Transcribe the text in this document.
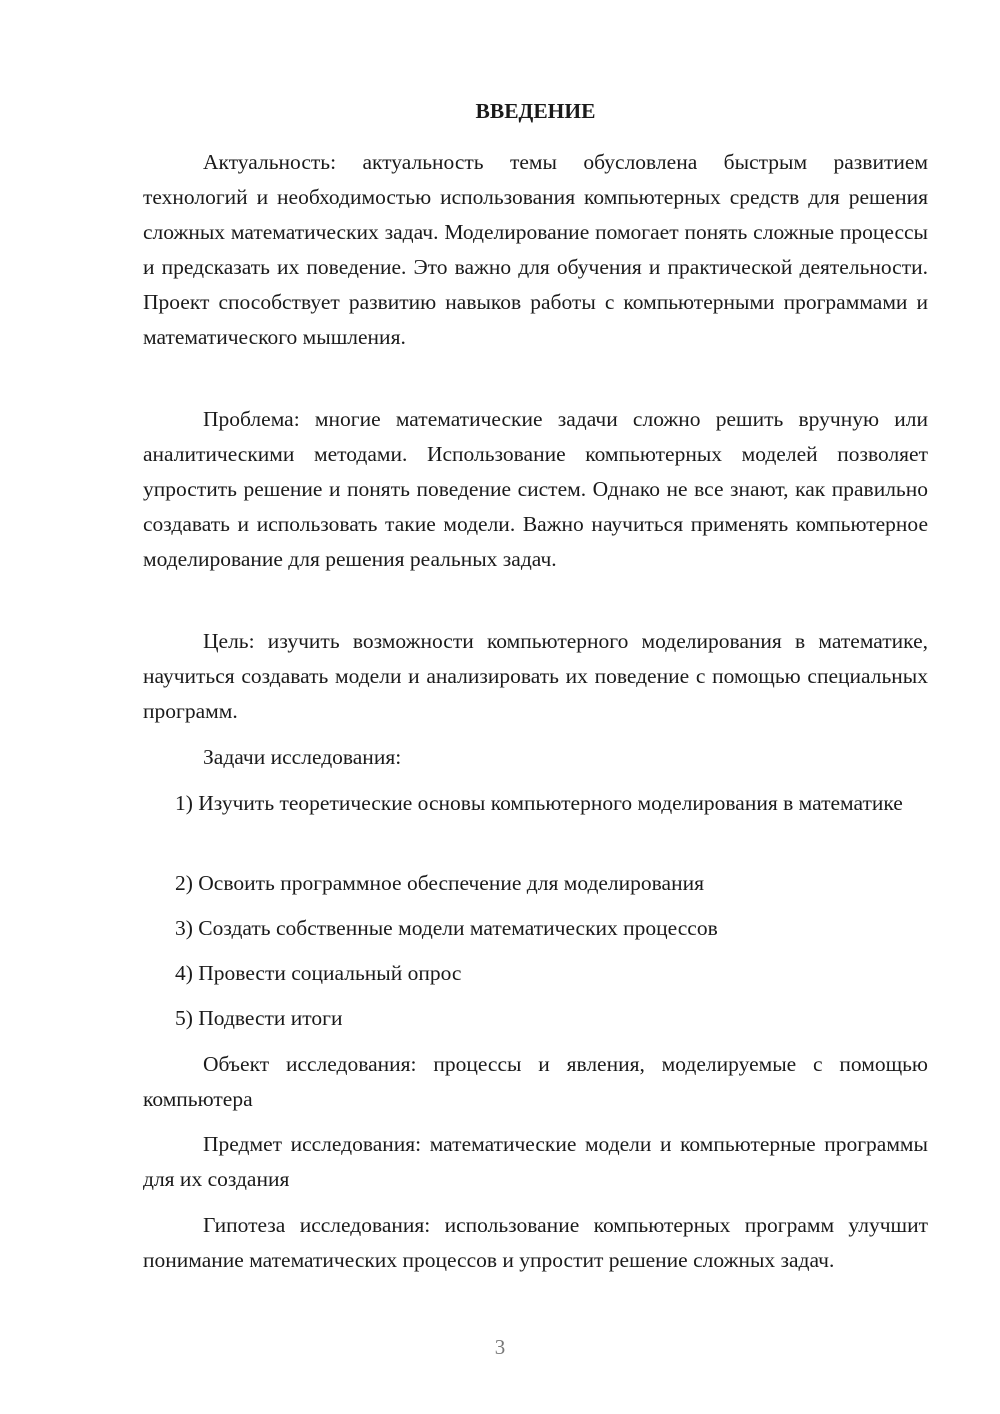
ВВЕДЕНИЕ

Актуальность: актуальность темы обусловлена быстрым развитием технологий и необходимостью использования компьютерных средств для решения сложных математических задач. Моделирование помогает понять сложные процессы и предсказать их поведение. Это важно для обучения и практической деятельности. Проект способствует развитию навыков работы с компьютерными программами и математического мышления.

Проблема: многие математические задачи сложно решить вручную или аналитическими методами. Использование компьютерных моделей позволяет упростить решение и понять поведение систем. Однако не все знают, как правильно создавать и использовать такие модели. Важно научиться применять компьютерное моделирование для решения реальных задач.

Цель: изучить возможности компьютерного моделирования в математике, научиться создавать модели и анализировать их поведение с помощью специальных программ.

Задачи исследования:

1) Изучить теоретические основы компьютерного моделирования в математике

2) Освоить программное обеспечение для моделирования

3) Создать собственные модели математических процессов

4) Провести социальный опрос

5) Подвести итоги

Объект исследования: процессы и явления, моделируемые с помощью компьютера

Предмет исследования: математические модели и компьютерные программы для их создания

Гипотеза исследования: использование компьютерных программ улучшит понимание математических процессов и упростит решение сложных задач.

3
